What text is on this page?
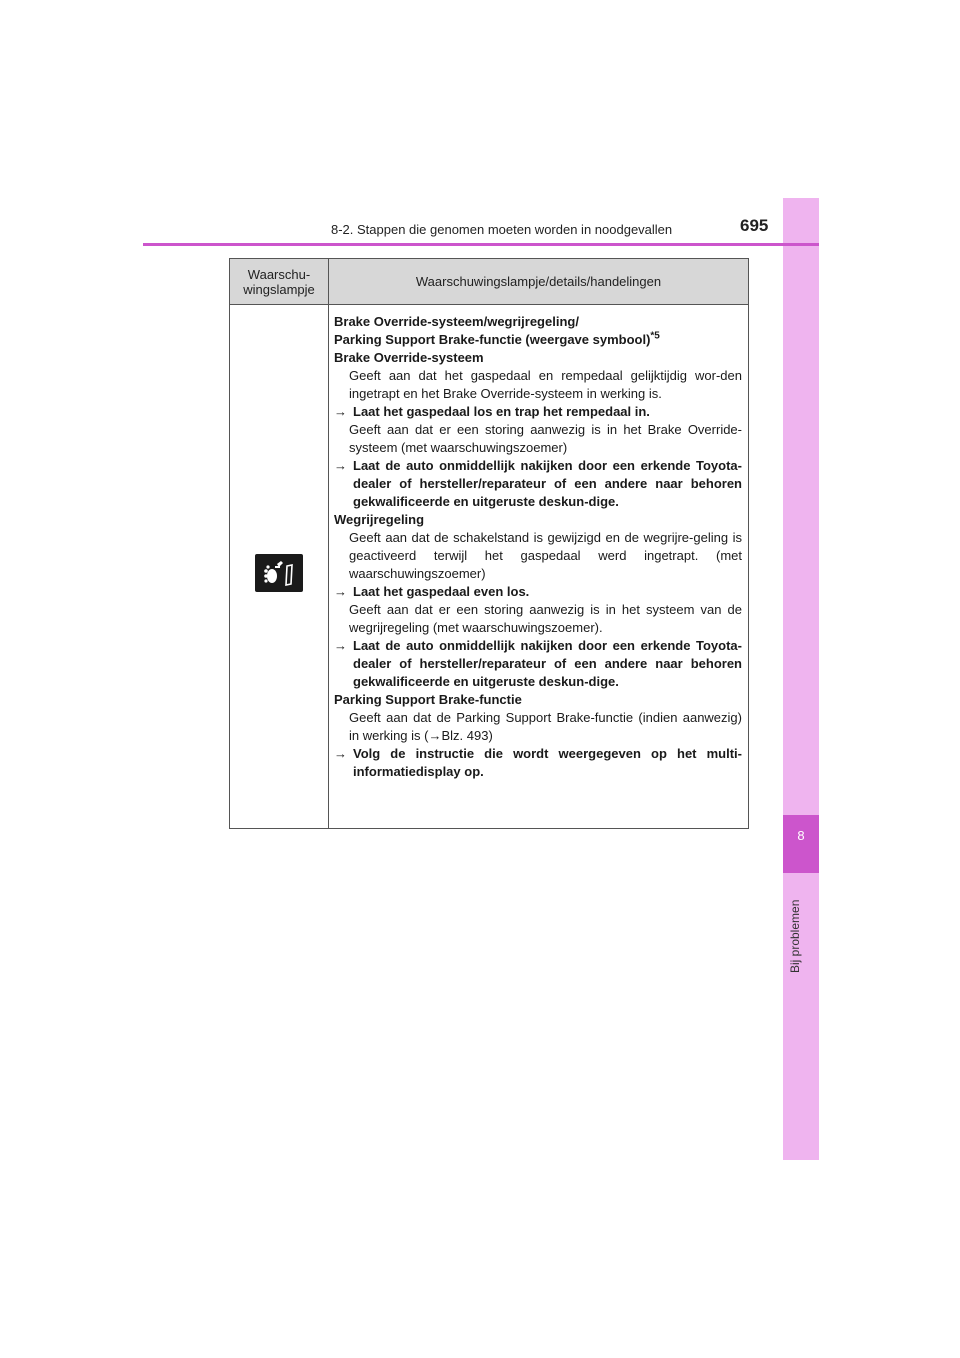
8
Bij problemen
8-2. Stappen die genomen moeten worden in noodgevallen	695
Waarschu-
wingslampje	Waarschuwingslampje/details/handelingen

Brake Override-systeem/wegrijregeling/

Parking Support Brake-functie (weergave symbool)$^{*5}$

Brake Override-systeem

Geeft aan dat het gaspedaal en rempedaal gelijktijdig wor-den ingetrapt en het Brake Override-systeem in werking is.

→ Laat het gaspedaal los en trap het rempedaal in.

Geeft aan dat er een storing aanwezig is in het Brake Override-systeem (met waarschuwingszoemer)

→ Laat de auto onmiddellijk nakijken door een erkende Toyota-dealer of hersteller/reparateur of een andere naar behoren gekwalificeerde en uitgeruste deskun-dige.

Wegrijregeling

Geeft aan dat de schakelstand is gewijzigd en de wegrijre-geling is geactiveerd terwijl het gaspedaal werd ingetrapt. (met waarschuwingszoemer)

→ Laat het gaspedaal even los.

Geeft aan dat er een storing aanwezig is in het systeem van de wegrijregeling (met waarschuwingszoemer).

→ Laat de auto onmiddellijk nakijken door een erkende Toyota-dealer of hersteller/reparateur of een andere naar behoren gekwalificeerde en uitgeruste deskun-dige.

Parking Support Brake-functie

Geeft aan dat de Parking Support Brake-functie (indien aanwezig) in werking is (→Blz. 493)

→ Volg de instructie die wordt weergegeven op het multi-informatiedisplay op.
